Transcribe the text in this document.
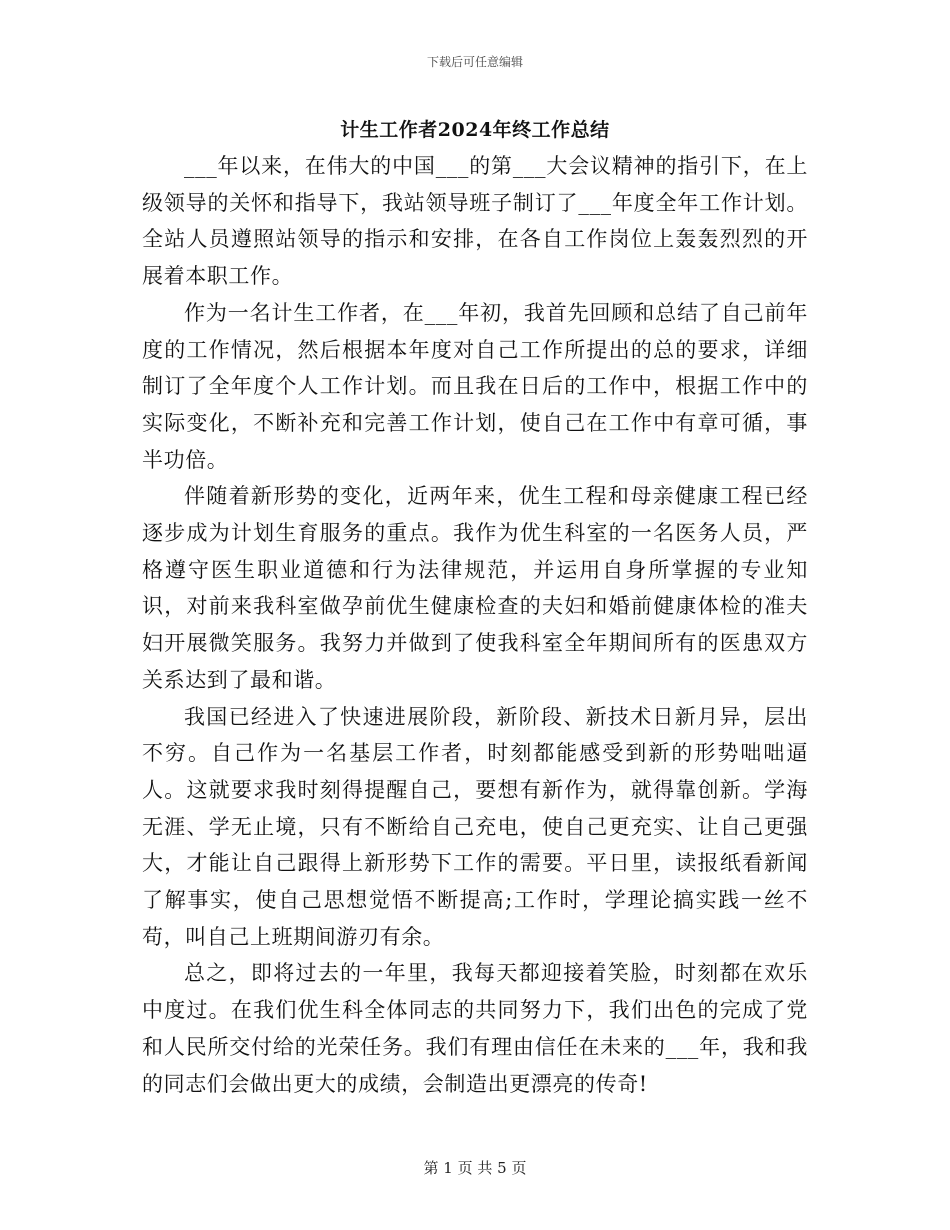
下载后可任意编辑
计生工作者2024年终工作总结

___年以来，在伟大的中国___的第___大会议精神的指引下，在上级领导的关怀和指导下，我站领导班子制订了___年度全年工作计划。全站人员遵照站领导的指示和安排，在各自工作岗位上轰轰烈烈的开展着本职工作。

作为一名计生工作者，在___年初，我首先回顾和总结了自己前年度的工作情况，然后根据本年度对自己工作所提出的总的要求，详细制订了全年度个人工作计划。而且我在日后的工作中，根据工作中的实际变化，不断补充和完善工作计划，使自己在工作中有章可循，事半功倍。

伴随着新形势的变化，近两年来，优生工程和母亲健康工程已经逐步成为计划生育服务的重点。我作为优生科室的一名医务人员，严格遵守医生职业道德和行为法律规范，并运用自身所掌握的专业知识，对前来我科室做孕前优生健康检查的夫妇和婚前健康体检的准夫妇开展微笑服务。我努力并做到了使我科室全年期间所有的医患双方关系达到了最和谐。

我国已经进入了快速进展阶段，新阶段、新技术日新月异，层出不穷。自己作为一名基层工作者，时刻都能感受到新的形势咄咄逼人。这就要求我时刻得提醒自己，要想有新作为，就得靠创新。学海无涯、学无止境，只有不断给自己充电，使自己更充实、让自己更强大，才能让自己跟得上新形势下工作的需要。平日里，读报纸看新闻了解事实，使自己思想觉悟不断提高;工作时，学理论搞实践一丝不苟，叫自己上班期间游刃有余。

总之，即将过去的一年里，我每天都迎接着笑脸，时刻都在欢乐中度过。在我们优生科全体同志的共同努力下，我们出色的完成了党和人民所交付给的光荣任务。我们有理由信任在未来的___年，我和我的同志们会做出更大的成绩，会制造出更漂亮的传奇!

第 1 页 共 5 页
